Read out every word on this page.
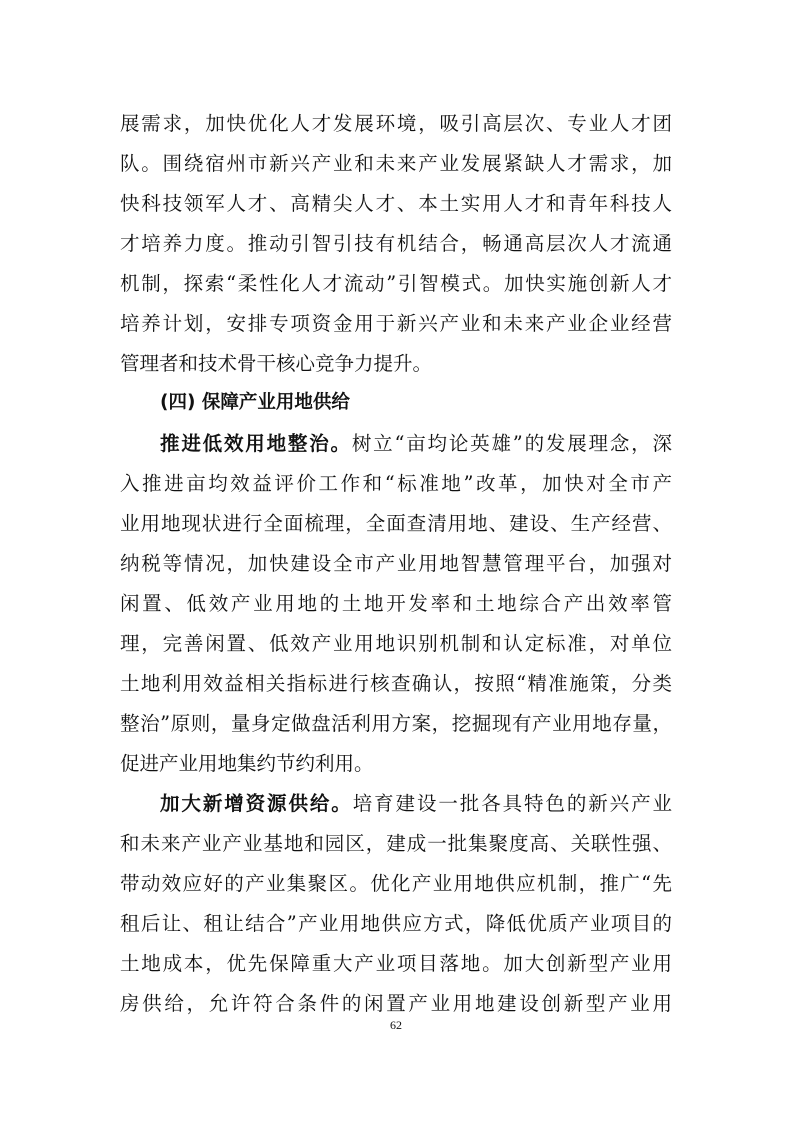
展需求，加快优化人才发展环境，吸引高层次、专业人才团
队。围绕宿州市新兴产业和未来产业发展紧缺人才需求，加
快科技领军人才、高精尖人才、本土实用人才和青年科技人
才培养力度。推动引智引技有机结合，畅通高层次人才流通
机制，探索“柔性化人才流动”引智模式。加快实施创新人才
培养计划，安排专项资金用于新兴产业和未来产业企业经营
管理者和技术骨干核心竞争力提升。
(四) 保障产业用地供给
推进低效用地整治。树立“亩均论英雄”的发展理念，深
入推进亩均效益评价工作和“标准地”改革，加快对全市产
业用地现状进行全面梳理，全面查清用地、建设、生产经营、
纳税等情况，加快建设全市产业用地智慧管理平台，加强对
闲置、低效产业用地的土地开发率和土地综合产出效率管
理，完善闲置、低效产业用地识别机制和认定标准，对单位
土地利用效益相关指标进行核查确认，按照“精准施策，分类
整治”原则，量身定做盘活利用方案，挖掘现有产业用地存量，
促进产业用地集约节约利用。
加大新增资源供给。培育建设一批各具特色的新兴产业
和未来产业产业基地和园区，建成一批集聚度高、关联性强、
带动效应好的产业集聚区。优化产业用地供应机制，推广“先
租后让、租让结合”产业用地供应方式，降低优质产业项目的
土地成本，优先保障重大产业项目落地。加大创新型产业用
房供给，允许符合条件的闲置产业用地建设创新型产业用
62
